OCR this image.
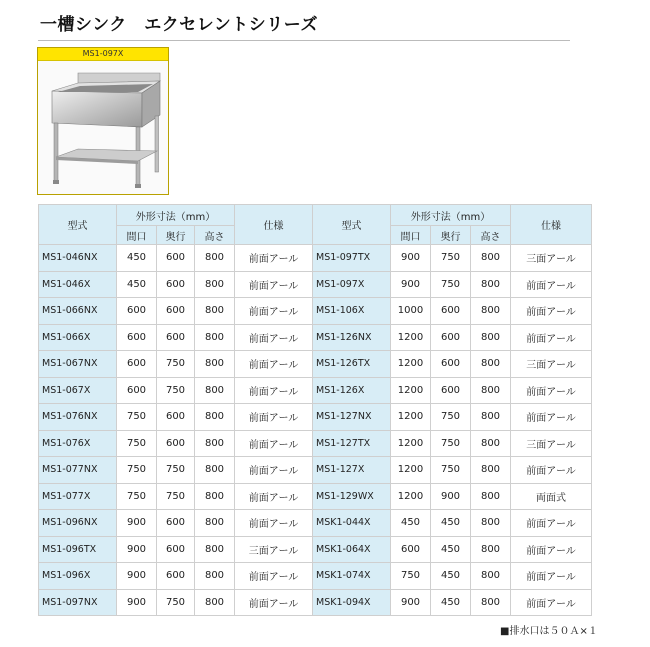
一槽シンク　エクセレントシリーズ
MS1-097X
型式	外形寸法（mm）			仕様	型式	外形寸法（mm）			仕様
	間口	奥行	高さ			間口	奥行	高さ	
MS1-046NX	450	600	800	前面アール	MS1-097TX	900	750	800	三面アール
MS1-046X	450	600	800	前面アール	MS1-097X	900	750	800	前面アール
MS1-066NX	600	600	800	前面アール	MS1-106X	1000	600	800	前面アール
MS1-066X	600	600	800	前面アール	MS1-126NX	1200	600	800	前面アール
MS1-067NX	600	750	800	前面アール	MS1-126TX	1200	600	800	三面アール
MS1-067X	600	750	800	前面アール	MS1-126X	1200	600	800	前面アール
MS1-076NX	750	600	800	前面アール	MS1-127NX	1200	750	800	前面アール
MS1-076X	750	600	800	前面アール	MS1-127TX	1200	750	800	三面アール
MS1-077NX	750	750	800	前面アール	MS1-127X	1200	750	800	前面アール
MS1-077X	750	750	800	前面アール	MS1-129WX	1200	900	800	両面式
MS1-096NX	900	600	800	前面アール	MSK1-044X	450	450	800	前面アール
MS1-096TX	900	600	800	三面アール	MSK1-064X	600	450	800	前面アール
MS1-096X	900	600	800	前面アール	MSK1-074X	750	450	800	前面アール
MS1-097NX	900	750	800	前面アール	MSK1-094X	900	450	800	前面アール
■排水口は５０Ａ×１
